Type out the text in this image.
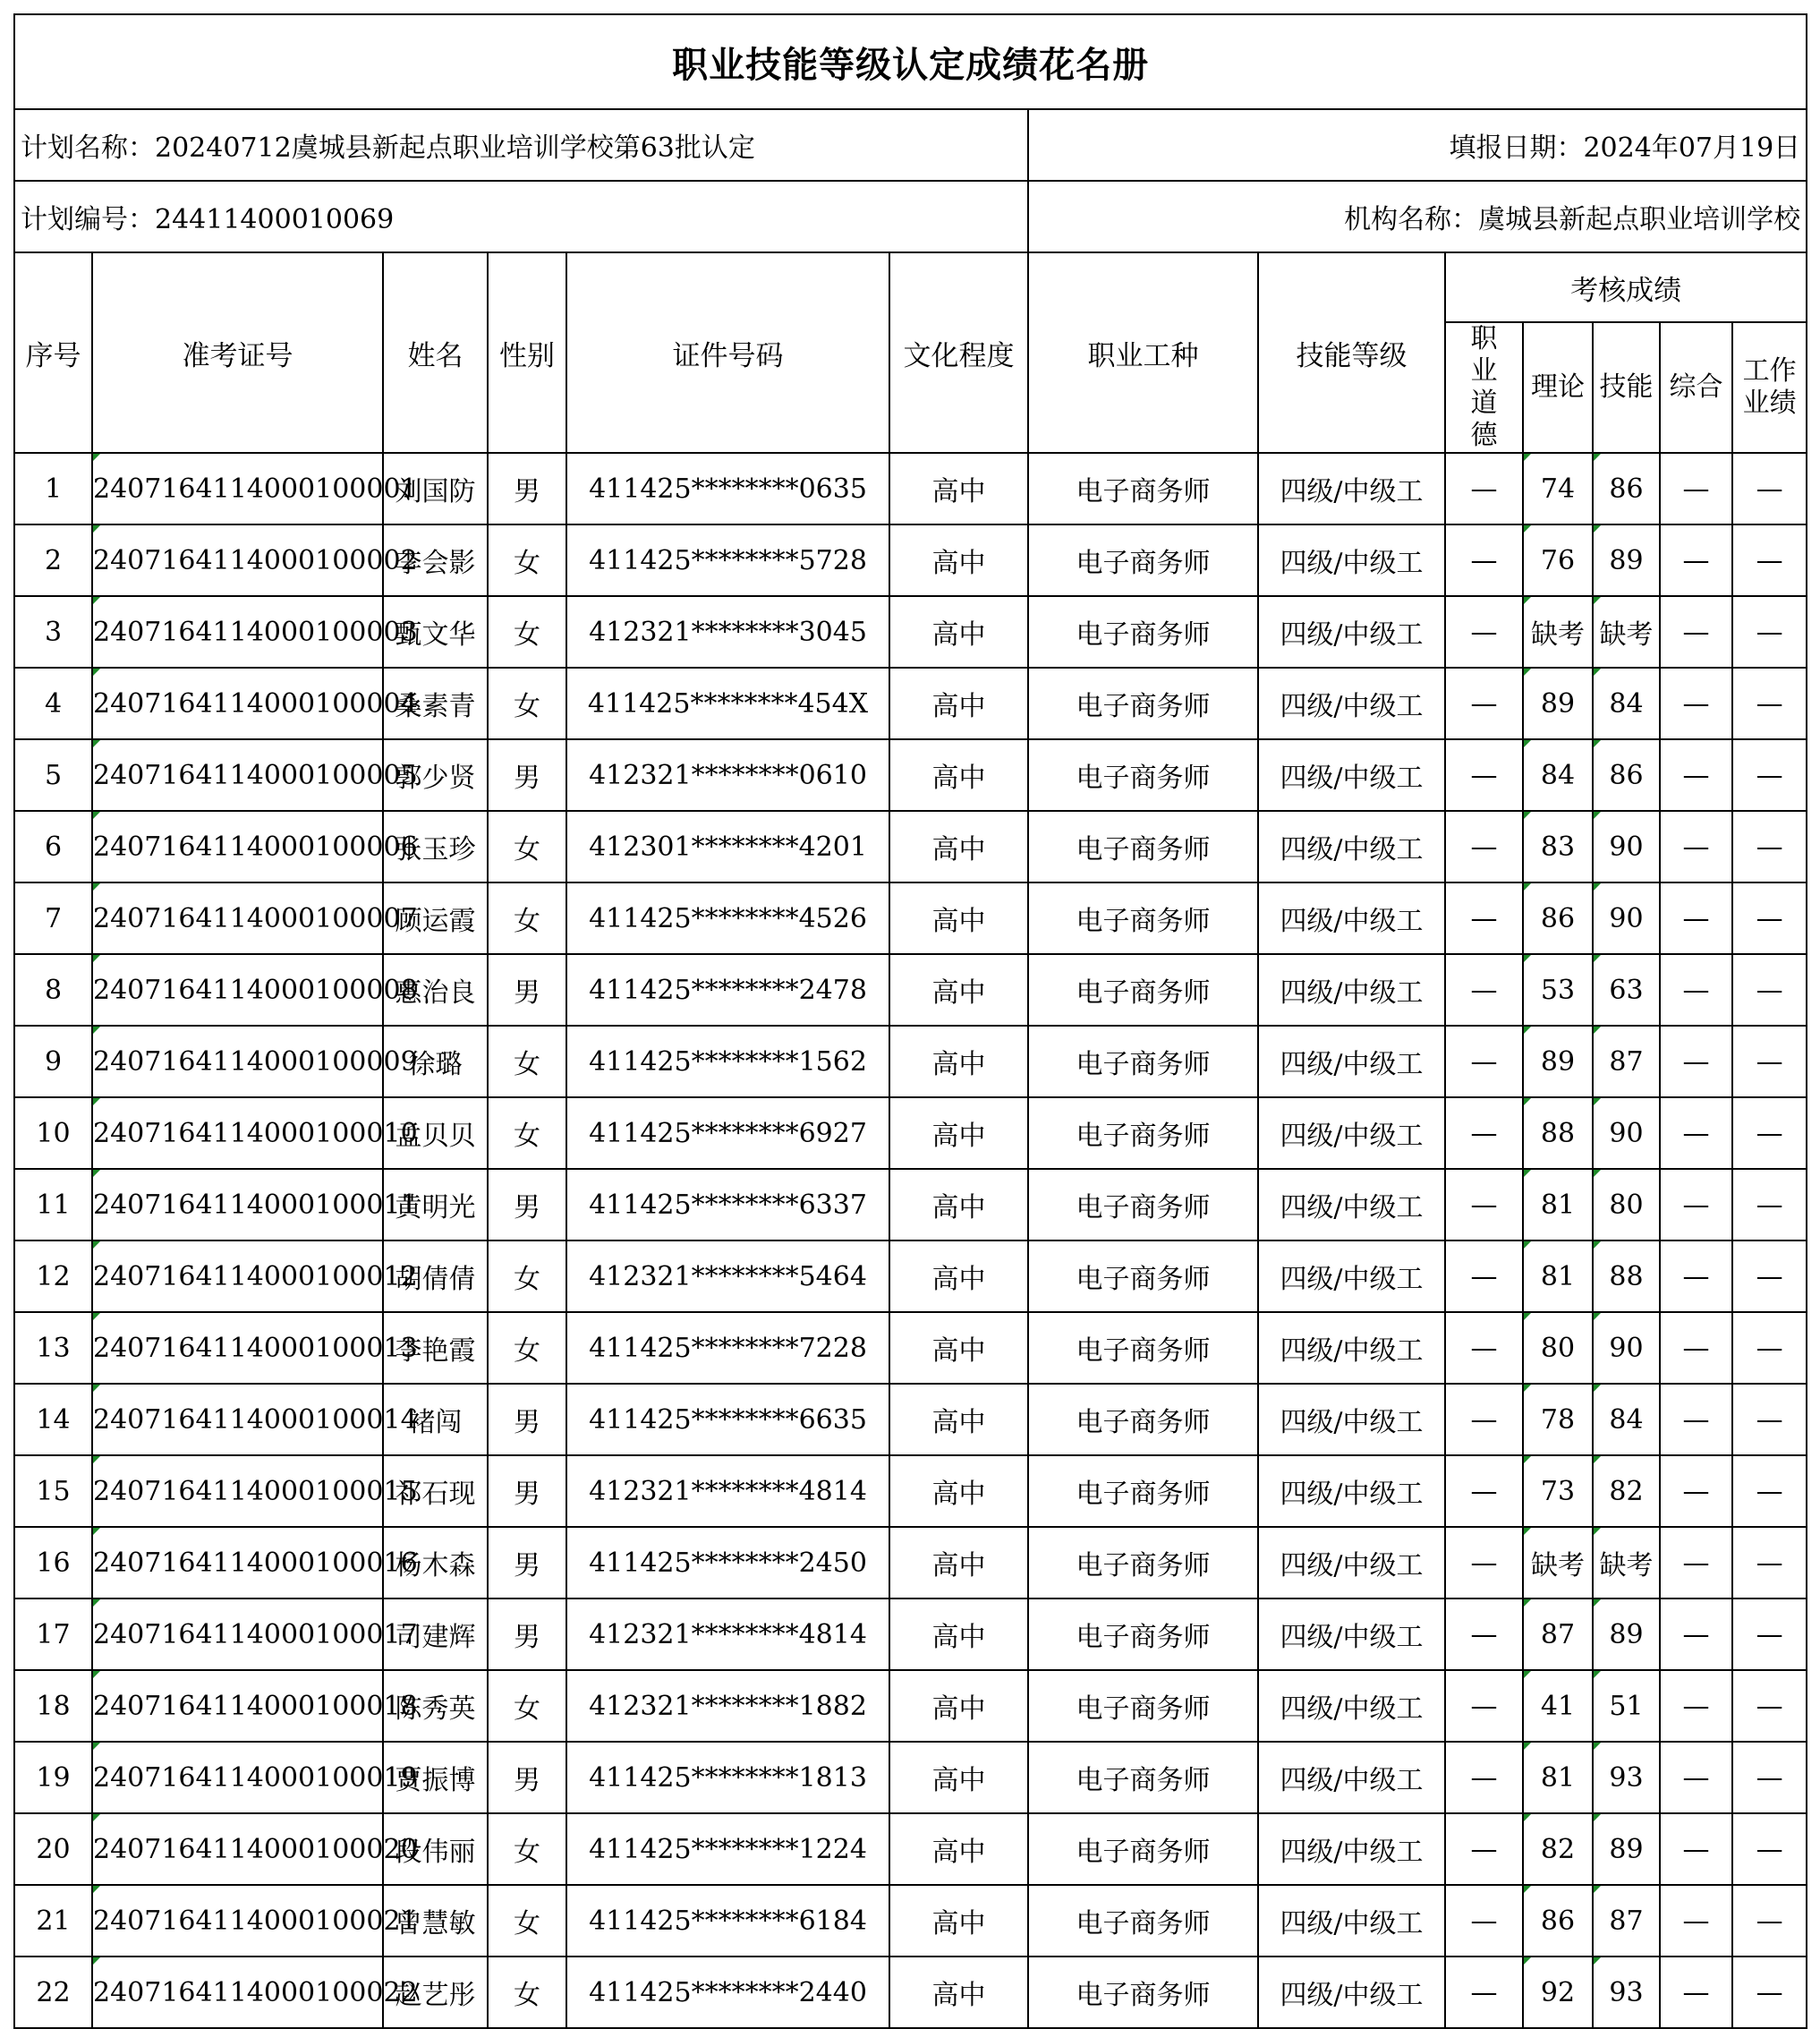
职业技能等级认定成绩花名册												
计划名称：20240712虞城县新起点职业培训学校第63批认定						填报日期：2024年07月19日						
计划编号：24411400010069						机构名称：虞城县新起点职业培训学校						
序号	准考证号	姓名	性别	证件号码	文化程度	职业工种	技能等级	考核成绩				
								职业道德	理论	技能	综合	工作业绩
1	2407164114000100001	刘国防	男	411425********0635	高中	电子商务师	四级/中级工	—	74	86	—	—
2	2407164114000100002	李会影	女	411425********5728	高中	电子商务师	四级/中级工	—	76	89	—	—
3	2407164114000100003	甄文华	女	412321********3045	高中	电子商务师	四级/中级工	—	缺考	缺考	—	—
4	2407164114000100004	桑素青	女	411425********454X	高中	电子商务师	四级/中级工	—	89	84	—	—
5	2407164114000100005	郭少贤	男	412321********0610	高中	电子商务师	四级/中级工	—	84	86	—	—
6	2407164114000100006	张玉珍	女	412301********4201	高中	电子商务师	四级/中级工	—	83	90	—	—
7	2407164114000100007	顾运霞	女	411425********4526	高中	电子商务师	四级/中级工	—	86	90	—	—
8	2407164114000100008	惠治良	男	411425********2478	高中	电子商务师	四级/中级工	—	53	63	—	—
9	2407164114000100009	徐璐	女	411425********1562	高中	电子商务师	四级/中级工	—	89	87	—	—
10	2407164114000100010	孟贝贝	女	411425********6927	高中	电子商务师	四级/中级工	—	88	90	—	—
11	2407164114000100011	黄明光	男	411425********6337	高中	电子商务师	四级/中级工	—	81	80	—	—
12	2407164114000100012	胡倩倩	女	412321********5464	高中	电子商务师	四级/中级工	—	81	88	—	—
13	2407164114000100013	李艳霞	女	411425********7228	高中	电子商务师	四级/中级工	—	80	90	—	—
14	2407164114000100014	褚闯	男	411425********6635	高中	电子商务师	四级/中级工	—	78	84	—	—
15	2407164114000100015	祁石现	男	412321********4814	高中	电子商务师	四级/中级工	—	73	82	—	—
16	2407164114000100016	杨木森	男	411425********2450	高中	电子商务师	四级/中级工	—	缺考	缺考	—	—
17	2407164114000100017	司建辉	男	412321********4814	高中	电子商务师	四级/中级工	—	87	89	—	—
18	2407164114000100018	陈秀英	女	412321********1882	高中	电子商务师	四级/中级工	—	41	51	—	—
19	2407164114000100019	贾振博	男	411425********1813	高中	电子商务师	四级/中级工	—	81	93	—	—
20	2407164114000100020	段伟丽	女	411425********1224	高中	电子商务师	四级/中级工	—	82	89	—	—
21	2407164114000100021	曾慧敏	女	411425********6184	高中	电子商务师	四级/中级工	—	86	87	—	—
22	2407164114000100022	赵艺彤	女	411425********2440	高中	电子商务师	四级/中级工	—	92	93	—	—
